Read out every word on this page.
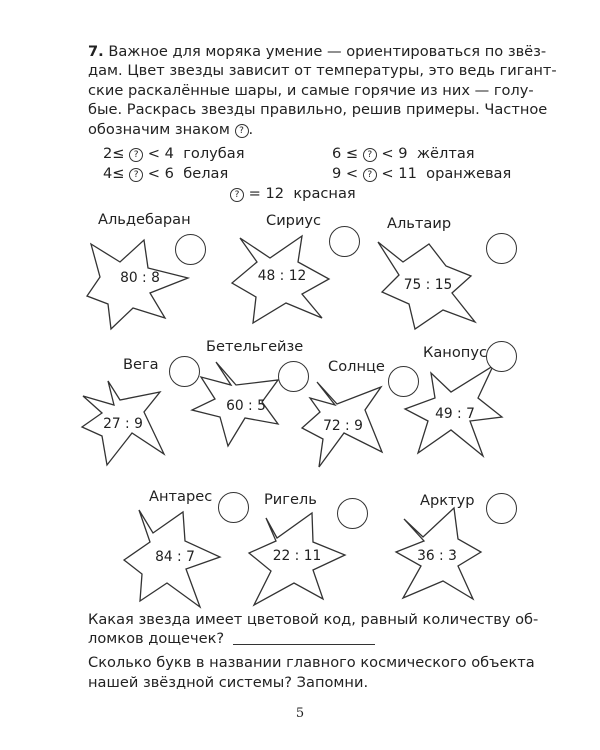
7. Важное для моряка умение — ориентироваться по звёз-
дам. Цвет звезды зависит от температуры, это ведь гигант-
ские раскалённые шары, и самые горячие из них — голу-
бые. Раскрась звезды правильно, решив примеры. Частное
обозначим знаком ? .
2≤ ? < 4 голубая	6 ≤ ? < 9 жёлтая
4≤ ? < 6 белая	9 < ? < 11 оранжевая
? = 12 красная
Альдебаран	Сириус	Альтаир
Вега
Бетельгейзе
Солнце
Канопус
Антарес	Ригель	Арктур
80 : 8	48 : 12
75 : 15
27 : 9
60 : 5
72 : 9
49 : 7
84 : 7	22 : 11	36 : 3
Какая звезда имеет цветовой код, равный количеству об-
ломков дощечек?
Сколько букв в названии главного космического объекта
нашей звёздной системы? Запомни.
5
